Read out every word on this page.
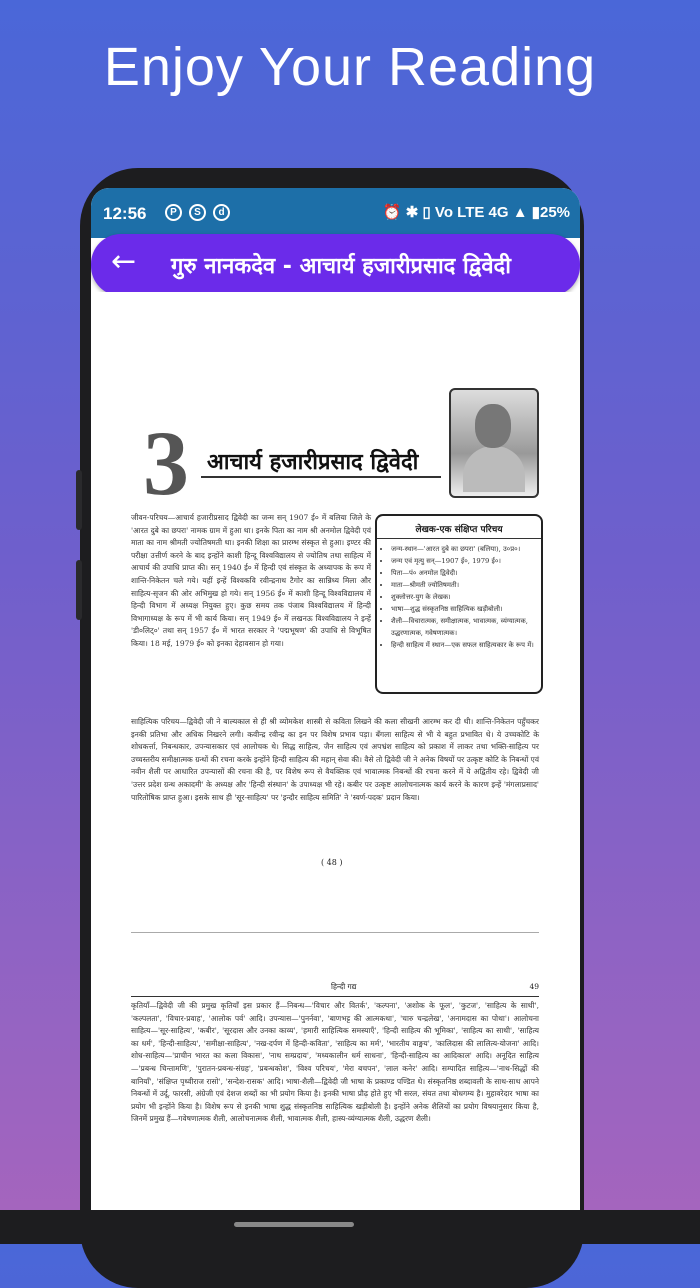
Enjoy Your Reading
12:56	P	S	d	⏰ ✱ ▯ Vo LTE 4G ▲ ▮25%
← गुरु नानकदेव - आचार्य हजारीप्रसाद द्विवेदी
3 आचार्य हजारीप्रसाद द्विवेदी
जीवन-परिचय—आचार्य हजारीप्रसाद द्विवेदी का जन्म सन् 1907 ई० में बलिया जिले के 'आरत दुबे का छपरा' नामक ग्राम में हुआ था। इनके पिता का नाम श्री अनमोल द्विवेदी एवं माता का नाम श्रीमती ज्योतिषमती था। इनकी शिक्षा का प्रारम्भ संस्कृत से हुआ। इण्टर की परीक्षा उत्तीर्ण करने के बाद इन्होंने काशी हिन्दू विश्वविद्यालय से ज्योतिष तथा साहित्य में आचार्य की उपाधि प्राप्त की। सन् 1940 ई० में हिन्दी एवं संस्कृत के अध्यापक के रूप में शान्ति-निकेतन चले गये। यहीं इन्हें विश्वकवि रवीन्द्रनाथ टैगोर का सान्निध्य मिला और साहित्य-सृजन की ओर अभिमुख हो गये। सन् 1956 ई० में काशी हिन्दू विश्वविद्यालय में हिन्दी विभाग में अध्यक्ष नियुक्त हुए। कुछ समय तक पंजाब विश्वविद्यालय में हिन्दी विभागाध्यक्ष के रूप में भी कार्य किया। सन् 1949 ई० में लखनऊ विश्वविद्यालय ने इन्हें 'डी०लिट्०' तथा सन् 1957 ई० में भारत सरकार ने 'पद्मभूषण' की उपाधि से विभूषित किया। 18 मई, 1979 ई० को इनका देहावसान हो गया।
लेखक-एक संक्षिप्त परिचय
• जन्म-स्थान—'आरत दुबे का छपरा' (बलिया), उ०प्र०।
• जन्म एवं मृत्यु सन्—1907 ई०, 1979 ई०।
• पिता—पं० अनमोल द्विवेदी।
• माता—श्रीमती ज्योतिषमती।
• शुक्लोत्तर-युग के लेखक।
• भाषा—शुद्ध संस्कृतनिष्ठ साहित्यिक खड़ीबोली।
• शैली—विचारात्मक, समीक्षात्मक, भावात्मक, व्यंग्यात्मक, उद्धरणात्मक, गवेषणात्मक।
• हिन्दी साहित्य में स्थान—एक सफल साहित्यकार के रूप में।
साहित्यिक परिचय—द्विवेदी जी ने बाल्यकाल से ही श्री व्योमकेश शास्त्री से कविता लिखने की कला सीखनी आरम्भ कर दी थी। शान्ति-निकेतन पहुँचकर इनकी प्रतिभा और अधिक निखरने लगी। कवीन्द्र रवीन्द्र का इन पर विशेष प्रभाव पड़ा। बँगला साहित्य से भी ये बहुत प्रभावित थे। ये उच्चकोटि के शोधकर्त्ता, निबन्धकार, उपन्यासकार एवं आलोचक थे। सिद्ध साहित्य, जैन साहित्य एवं अपभ्रंश साहित्य को प्रकाश में लाकर तथा भक्ति-साहित्य पर उच्चस्तरीय समीक्षात्मक ग्रन्थों की रचना करके इन्होंने हिन्दी साहित्य की महान् सेवा की। वैसे तो द्विवेदी जी ने अनेक विषयों पर उत्कृष्ट कोटि के निबन्धों एवं नवीन शैली पर आधारित उपन्यासों की रचना की है, पर विशेष रूप से वैयक्तिक एवं भावात्मक निबन्धों की रचना करने में ये अद्वितीय रहे। द्विवेदी जी 'उत्तर प्रदेश ग्रन्थ अकादमी' के अध्यक्ष और 'हिन्दी संस्थान' के उपाध्यक्ष भी रहे। कबीर पर उत्कृष्ट आलोचनात्मक कार्य करने के कारण इन्हें 'मंगलाप्रसाद' पारितोषिक प्राप्त हुआ। इसके साथ ही 'सूर-साहित्य' पर 'इन्दौर साहित्य समिति' ने 'स्वर्ण-पदक' प्रदान किया।
( 48 )
हिन्दी गद्य	49
कृतियाँ—द्विवेदी जी की प्रमुख कृतियाँ इस प्रकार हैं—निबन्ध—'विचार और वितर्क', 'कल्पना', 'अशोक के फूल', 'कुटज', 'साहित्य के साथी', 'कल्पलता', 'विचार-प्रवाह', 'आलोक पर्व' आदि। उपन्यास—'पुनर्नवा', 'बाणभट्ट की आत्मकथा', 'चारु चन्द्रलेख', 'अनामदास का पोथा'। आलोचना साहित्य—'सूर-साहित्य', 'कबीर', 'सूरदास और उनका काव्य', 'हमारी साहित्यिक समस्याएँ', 'हिन्दी साहित्य की भूमिका', 'साहित्य का साथी', 'साहित्य का धर्म', 'हिन्दी-साहित्य', 'समीक्षा-साहित्य', 'नख-दर्पण में हिन्दी-कविता', 'साहित्य का मर्म', 'भारतीय वाङ्मय', 'कालिदास की लालित्य-योजना' आदि। शोध-साहित्य—'प्राचीन भारत का कला विकास', 'नाथ सम्प्रदाय', 'मध्यकालीन धर्म साधना', 'हिन्दी-साहित्य का आदिकाल' आदि। अनूदित साहित्य—'प्रबन्ध चिन्तामणि', 'पुरातन-प्रबन्ध-संग्रह', 'प्रबन्धकोश', 'विश्व परिचय', 'मेरा बचपन', 'लाल कनेर' आदि। सम्पादित साहित्य—'नाथ-सिद्धों की बानियाँ', 'संक्षिप्त पृथ्वीराज रासो', 'सन्देश-रासक' आदि। भाषा-शैली—द्विवेदी जी भाषा के प्रकाण्ड पण्डित थे। संस्कृतनिष्ठ शब्दावली के साथ-साथ आपने निबन्धों में उर्दू, फारसी, अंग्रेजी एवं देशज शब्दों का भी प्रयोग किया है। इनकी भाषा प्रौढ़ होते हुए भी सरल, संयत तथा बोधगम्य है। मुहावरेदार भाषा का प्रयोग भी इन्होंने किया है। विशेष रूप से इनकी भाषा शुद्ध संस्कृतनिष्ठ साहित्यिक खड़ीबोली है। इन्होंने अनेक शैलियों का प्रयोग विषयानुसार किया है, जिनमें प्रमुख हैं—गवेषणात्मक शैली, आलोचनात्मक शैली, भावात्मक शैली, हास्य-व्यंग्यात्मक शैली, उद्धरण शैली।
